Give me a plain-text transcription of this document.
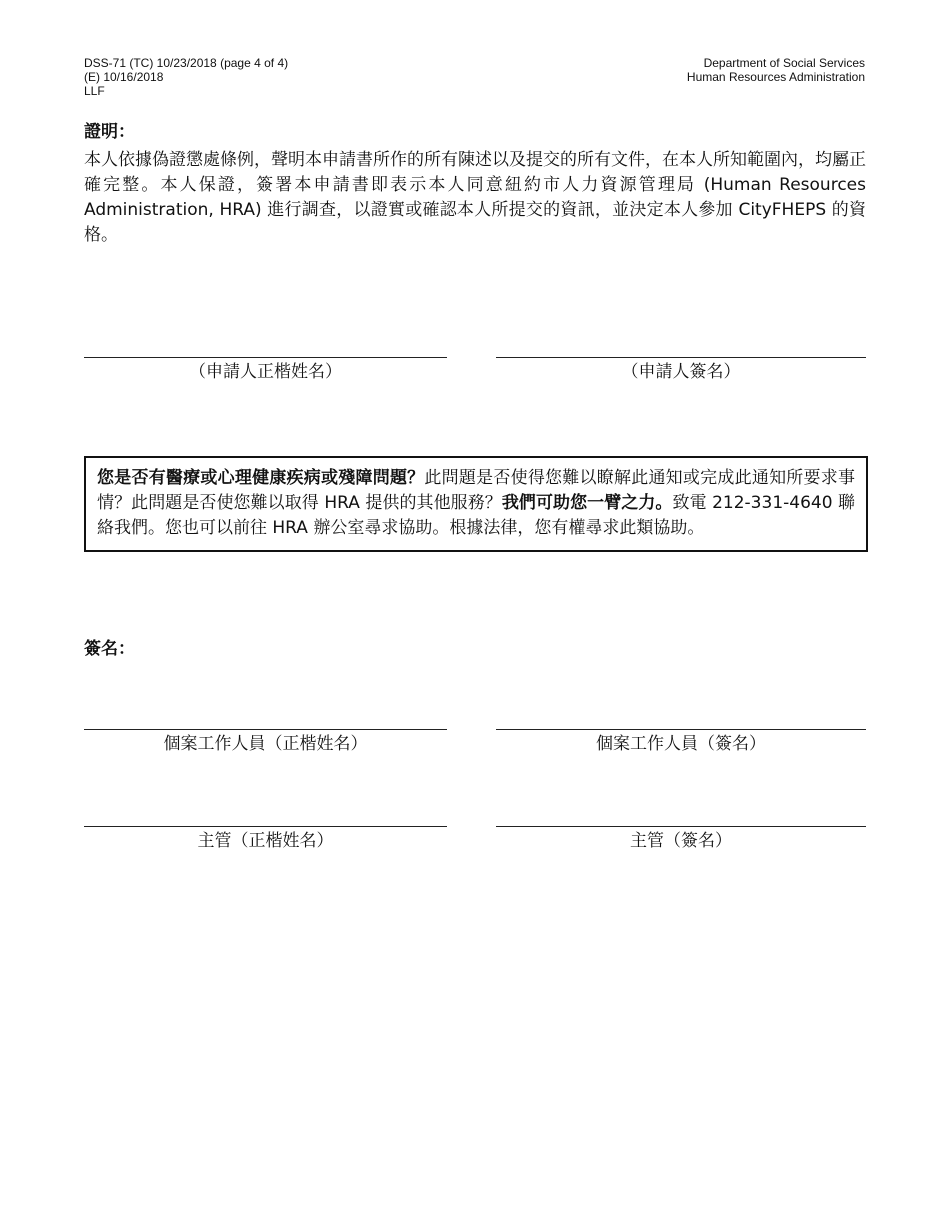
DSS-71 (TC) 10/23/2018 (page 4 of 4)
(E) 10/16/2018
LLF
Department of Social Services
Human Resources Administration
證明：

本人依據偽證懲處條例，聲明本申請書所作的所有陳述以及提交的所有文件，在本人所知範圍內，均屬正確完整。本人保證，簽署本申請書即表示本人同意紐約市人力資源管理局 (Human Resources Administration, HRA) 進行調查，以證實或確認本人所提交的資訊，並決定本人參加 CityFHEPS 的資格。

（申請人正楷姓名）	（申請人簽名）
您是否有醫療或心理健康疾病或殘障問題？此問題是否使得您難以瞭解此通知或完成此通知所要求事情？此問題是否使您難以取得 HRA 提供的其他服務？我們可助您一臂之力。致電 212-331-4640 聯絡我們。您也可以前往 HRA 辦公室尋求協助。根據法律，您有權尋求此類協助。
簽名：
個案工作人員（正楷姓名）	個案工作人員（簽名）
主管（正楷姓名）	主管（簽名）
